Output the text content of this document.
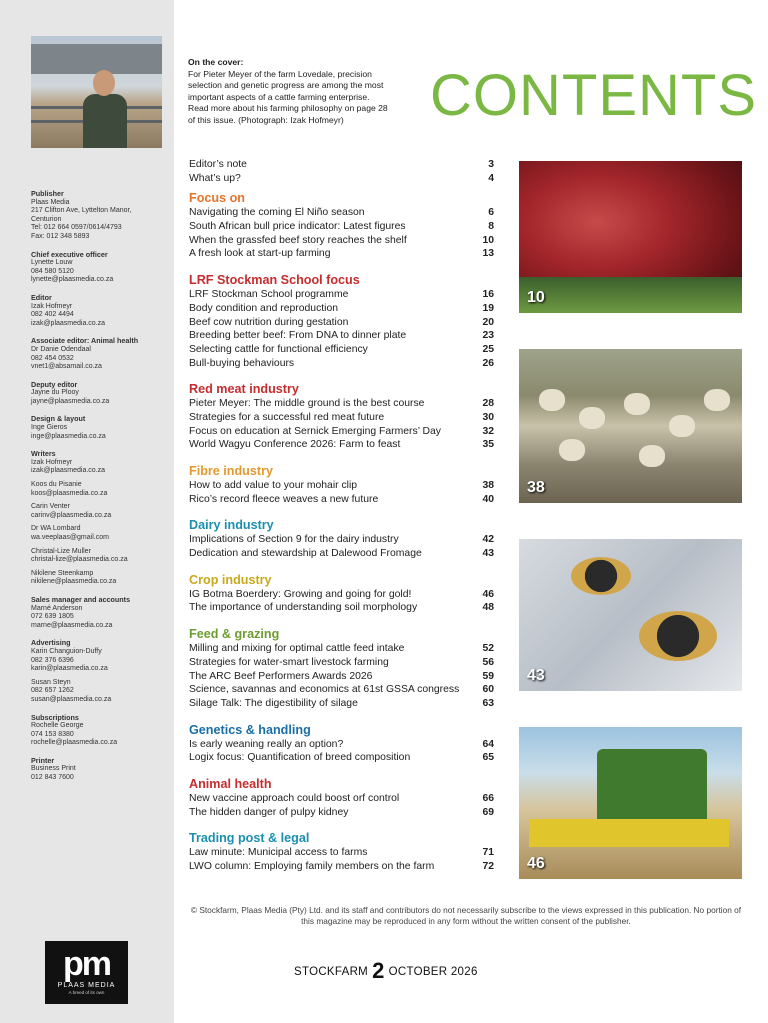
Publisher
Plaas Media
217 Clifton Ave, Lyttelton Manor,
Centurion
Tel: 012 664 0597/0614/4793
Fax: 012 348 5893
Chief executive officer
Lynette Louw
084 580 5120
lynette@plaasmedia.co.za
Editor
Izak Hofmeyr
082 402 4494
izak@plaasmedia.co.za
Associate editor: Animal health
Dr Danie Odendaal
082 454 0532
vnet1@absamail.co.za
Deputy editor
Jayne du Plooy
jayne@plaasmedia.co.za
Design & layout
Inge Gieros
inge@plaasmedia.co.za
Writers
Izak Hofmeyr
izak@plaasmedia.co.za
Koos du Pisanie
koos@plaasmedia.co.za
Carin Venter
carinv@plaasmedia.co.za
Dr WA Lombard
wa.veeplaas@gmail.com
Christal-Lize Muller
christal-lize@plaasmedia.co.za
Nikilene Steenkamp
nikilene@plaasmedia.co.za
Sales manager and accounts
Marné Anderson
072 639 1805
marne@plaasmedia.co.za
Advertising
Karin Changuion-Duffy
082 376 6396
karin@plaasmedia.co.za
Susan Steyn
082 657 1262
susan@plaasmedia.co.za
Subscriptions
Rochelle George
074 153 8380
rochelle@plaasmedia.co.za
Printer
Business Print
012 843 7600
pm
PLAAS MEDIA
A breed of its own
On the cover:
For Pieter Meyer of the farm Lovedale, precision
selection and genetic progress are among the most
important aspects of a cattle farming enterprise.
Read more about his farming philosophy on page 28
of this issue. (Photograph: Izak Hofmeyr)	CONTENTS
Editor’s note	3
What’s up?	4
Focus on
Navigating the coming El Niño season	6
South African bull price indicator: Latest figures	8
When the grassfed beef story reaches the shelf	10
A fresh look at start-up farming	13
LRF Stockman School focus
LRF Stockman School programme	16
Body condition and reproduction	19
Beef cow nutrition during gestation	20
Breeding better beef: From DNA to dinner plate	23
Selecting cattle for functional efficiency	25
Bull-buying behaviours	26
Red meat industry
Pieter Meyer: The middle ground is the best course	28
Strategies for a successful red meat future	30
Focus on education at Sernick Emerging Farmers’ Day	32
World Wagyu Conference 2026: Farm to feast	35
Fibre industry
How to add value to your mohair clip	38
Rico’s record fleece weaves a new future	40
Dairy industry
Implications of Section 9 for the dairy industry	42
Dedication and stewardship at Dalewood Fromage	43
Crop industry
IG Botma Boerdery: Growing and going for gold!	46
The importance of understanding soil morphology	48
Feed & grazing
Milling and mixing for optimal cattle feed intake	52
Strategies for water-smart livestock farming	56
The ARC Beef Performers Awards 2026	59
Science, savannas and economics at 61st GSSA congress 60
Silage Talk: The digestibility of silage	63
Genetics & handling
Is early weaning really an option?	64
Logix focus: Quantification of breed composition	65
Animal health
New vaccine approach could boost orf control	66
The hidden danger of pulpy kidney	69
Trading post & legal
Law minute: Municipal access to farms	71
LWO column: Employing family members on the farm	72
10
38
43
46
© Stockfarm, Plaas Media (Pty) Ltd. and its staff and contributors do not necessarily subscribe to the views expressed in this publication. No portion of this magazine may be reproduced in any form without the written consent of the publisher.
STOCKFARM 2 OCTOBER 2026
